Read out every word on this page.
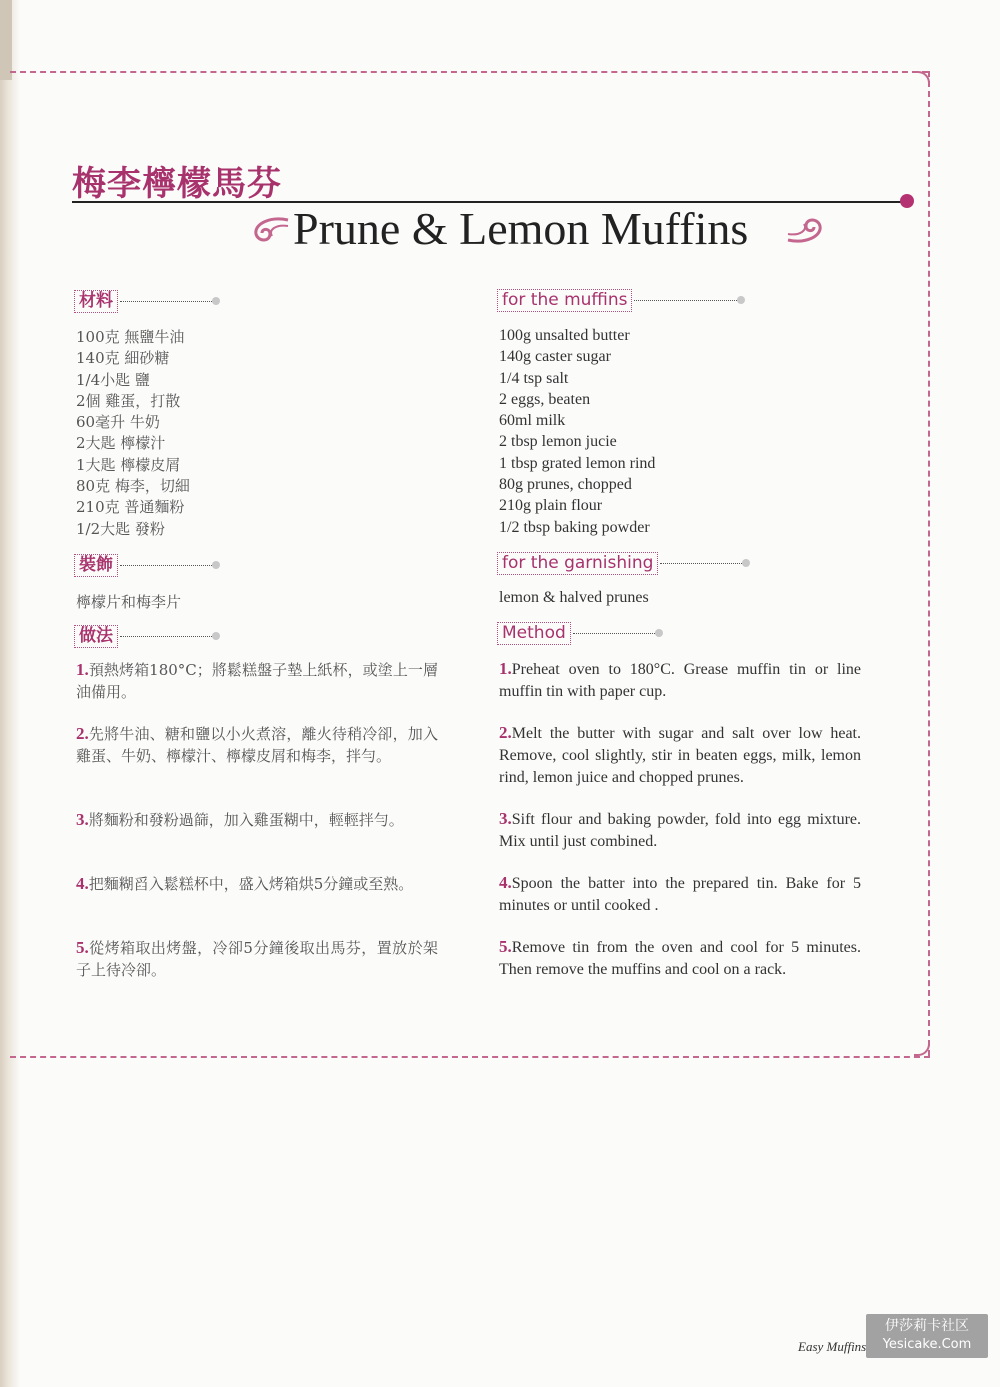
梅李檸檬馬芬
Prune & Lemon Muffins
材料
100克 無鹽牛油
140克 細砂糖
1/4小匙 鹽
2個 雞蛋，打散
60毫升 牛奶
2大匙 檸檬汁
1大匙 檸檬皮屑
80克 梅李，切細
210克 普通麵粉
1/2大匙 發粉
裝飾
檸檬片和梅李片
做法
1.預熱烤箱180°C；將鬆糕盤子墊上紙杯，或塗上一層油備用。
2.先將牛油、糖和鹽以小火煮溶，離火待稍冷卻，加入雞蛋、牛奶、檸檬汁、檸檬皮屑和梅李，拌勻。
3.將麵粉和發粉過篩，加入雞蛋糊中，輕輕拌勻。
4.把麵糊舀入鬆糕杯中，盛入烤箱烘5分鐘或至熟。
5.從烤箱取出烤盤，冷卻5分鐘後取出馬芬，置放於架子上待冷卻。
for the muffins
100g unsalted butter
140g caster sugar
1/4 tsp salt
2 eggs, beaten
60ml milk
2 tbsp lemon jucie
1 tbsp grated lemon rind
80g prunes, chopped
210g plain flour
1/2 tbsp baking powder
for the garnishing
lemon & halved prunes
Method
1.Preheat oven to 180°C. Grease muffin tin or line muffin tin with paper cup.
2.Melt the butter with sugar and salt over low heat. Remove, cool slightly, stir in beaten eggs, milk, lemon rind, lemon juice and chopped prunes.
3.Sift flour and baking powder, fold into egg mixture. Mix until just combined.
4.Spoon the batter into the prepared tin. Bake for 5 minutes or until cooked .
5.Remove tin from the oven and cool for 5 minutes. Then remove the muffins and cool on a rack.
Easy Muffins
伊莎莉卡社区
Yesicake.Com
